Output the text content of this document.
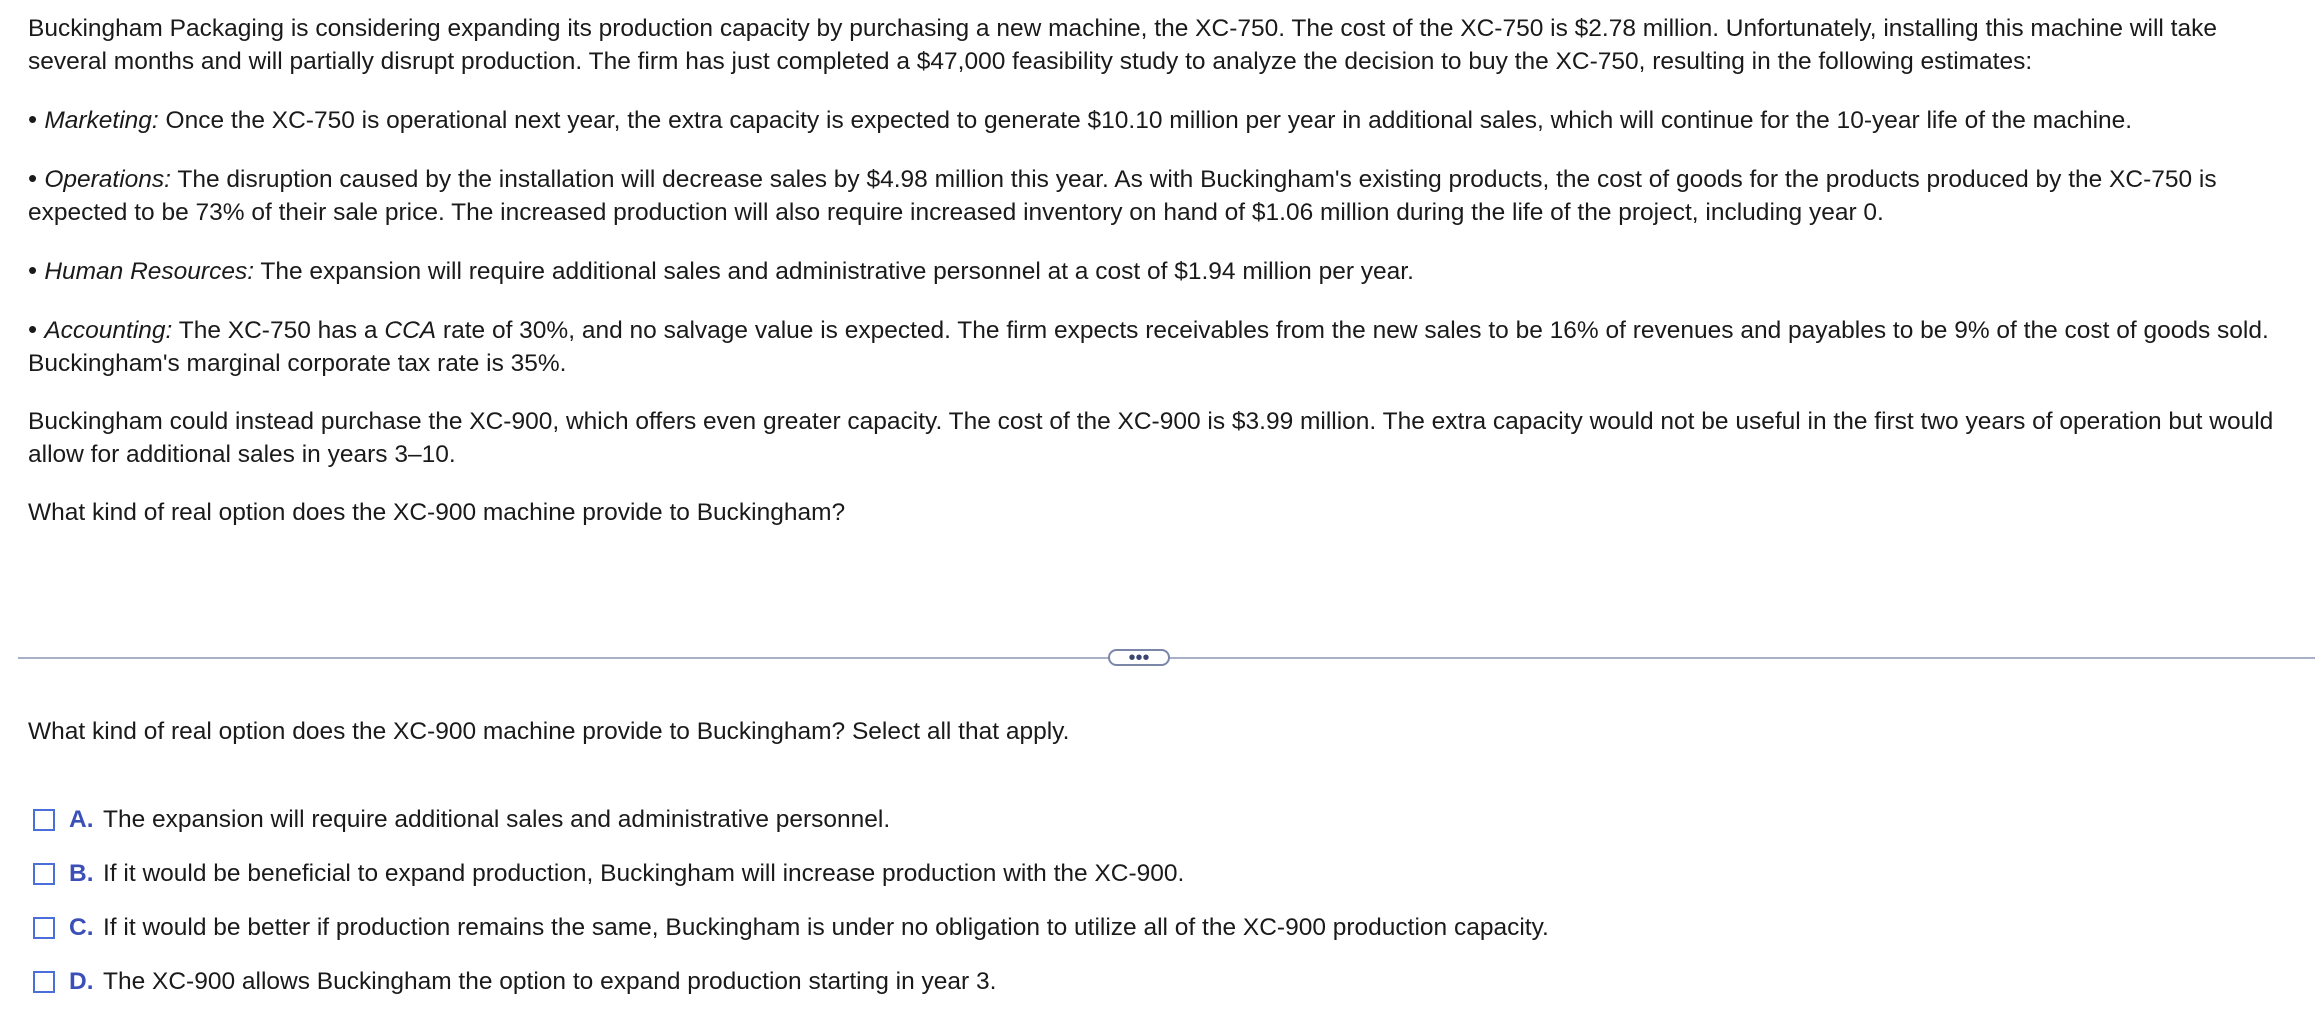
Buckingham Packaging is considering expanding its production capacity by purchasing a new machine, the XC-750. The cost of the XC-750 is $2.78 million. Unfortunately, installing this machine will take several months and will partially disrupt production. The firm has just completed a $47,000 feasibility study to analyze the decision to buy the XC-750, resulting in the following estimates:

• Marketing: Once the XC-750 is operational next year, the extra capacity is expected to generate $10.10 million per year in additional sales, which will continue for the 10-year life of the machine.

• Operations: The disruption caused by the installation will decrease sales by $4.98 million this year. As with Buckingham's existing products, the cost of goods for the products produced by the XC-750 is expected to be 73% of their sale price. The increased production will also require increased inventory on hand of $1.06 million during the life of the project, including year 0.

• Human Resources: The expansion will require additional sales and administrative personnel at a cost of $1.94 million per year.

• Accounting: The XC-750 has a CCA rate of 30%, and no salvage value is expected. The firm expects receivables from the new sales to be 16% of revenues and payables to be 9% of the cost of goods sold. Buckingham's marginal corporate tax rate is 35%.

Buckingham could instead purchase the XC-900, which offers even greater capacity. The cost of the XC-900 is $3.99 million. The extra capacity would not be useful in the first two years of operation but would allow for additional sales in years 3–10.

What kind of real option does the XC-900 machine provide to Buckingham?

•••
What kind of real option does the XC-900 machine provide to Buckingham? Select all that apply.
A. The expansion will require additional sales and administrative personnel.
B. If it would be beneficial to expand production, Buckingham will increase production with the XC-900.
C. If it would be better if production remains the same, Buckingham is under no obligation to utilize all of the XC-900 production capacity.
D. The XC-900 allows Buckingham the option to expand production starting in year 3.
